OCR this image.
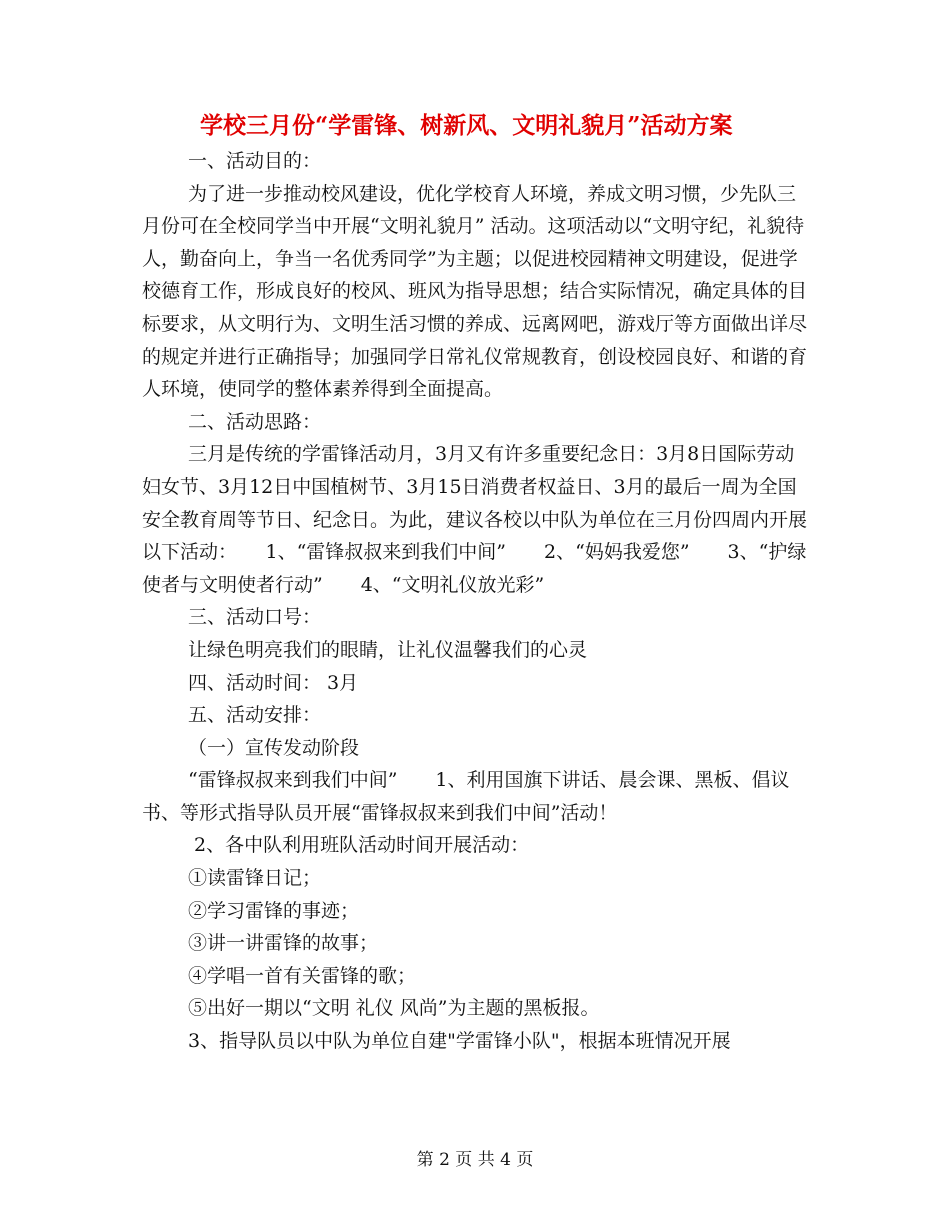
学校三月份“学雷锋、树新风、文明礼貌月”活动方案

一、活动目的：

为了进一步推动校风建设，优化学校育人环境，养成文明习惯，少先队三月份可在全校同学当中开展“文明礼貌月” 活动。这项活动以“文明守纪，礼貌待人，勤奋向上，争当一名优秀同学”为主题；以促进校园精神文明建设，促进学校德育工作，形成良好的校风、班风为指导思想；结合实际情况，确定具体的目标要求，从文明行为、文明生活习惯的养成、远离网吧，游戏厅等方面做出详尽的规定并进行正确指导；加强同学日常礼仪常规教育，创设校园良好、和谐的育人环境，使同学的整体素养得到全面提高。

二、活动思路：

三月是传统的学雷锋活动月，3月又有许多重要纪念日：3月8日国际劳动妇女节、3月12日中国植树节、3月15日消费者权益日、3月的最后一周为全国安全教育周等节日、纪念日。为此，建议各校以中队为单位在三月份四周内开展以下活动：　　1、“雷锋叔叔来到我们中间”　　2、“妈妈我爱您”　　3、“护绿使者与文明使者行动”　　4、“文明礼仪放光彩”

三、活动口号：

让绿色明亮我们的眼睛，让礼仪温馨我们的心灵

四、活动时间： 3月

五、活动安排：

（一）宣传发动阶段

“雷锋叔叔来到我们中间”　　1、利用国旗下讲话、晨会课、黑板、倡议书、等形式指导队员开展“雷锋叔叔来到我们中间”活动！

2、各中队利用班队活动时间开展活动：

①读雷锋日记；

②学习雷锋的事迹；

③讲一讲雷锋的故事；

④学唱一首有关雷锋的歌；

⑤出好一期以“文明 礼仪 风尚”为主题的黑板报。

3、指导队员以中队为单位自建"学雷锋小队"，根据本班情况开展

第 2 页 共 4 页
